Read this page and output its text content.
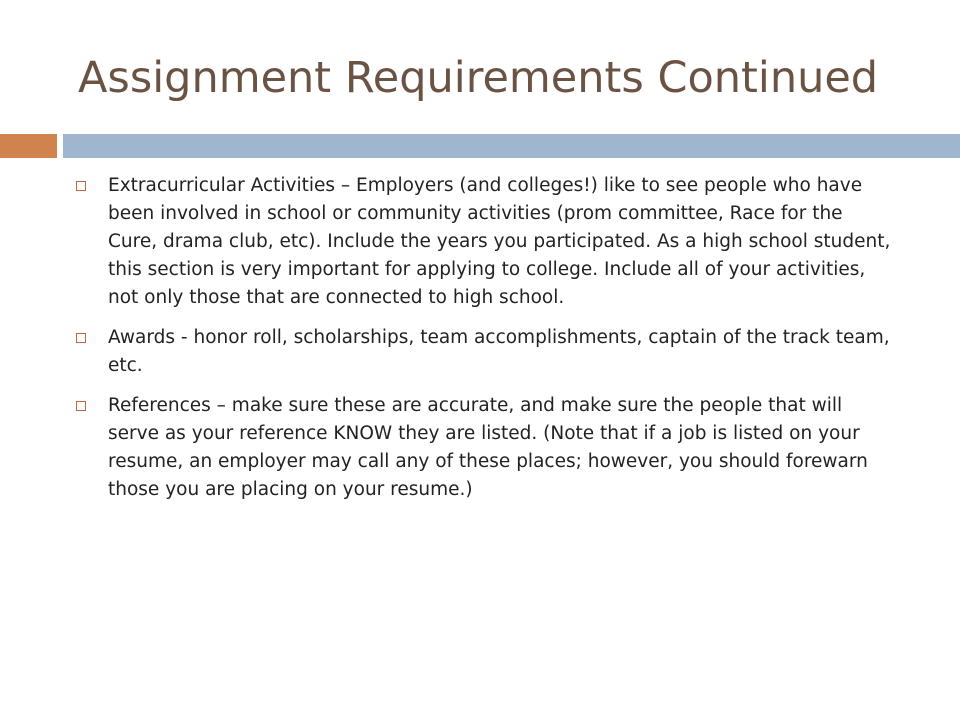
Assignment Requirements Continued
Extracurricular Activities – Employers (and colleges!) like to see people who have been involved in school or community activities (prom committee, Race for the Cure, drama club, etc). Include the years you participated. As a high school student, this section is very important for applying to college. Include all of your activities, not only those that are connected to high school.
Awards - honor roll, scholarships, team accomplishments, captain of the track team, etc.
References – make sure these are accurate, and make sure the people that will serve as your reference KNOW they are listed. (Note that if a job is listed on your resume, an employer may call any of these places; however, you should forewarn those you are placing on your resume.)
